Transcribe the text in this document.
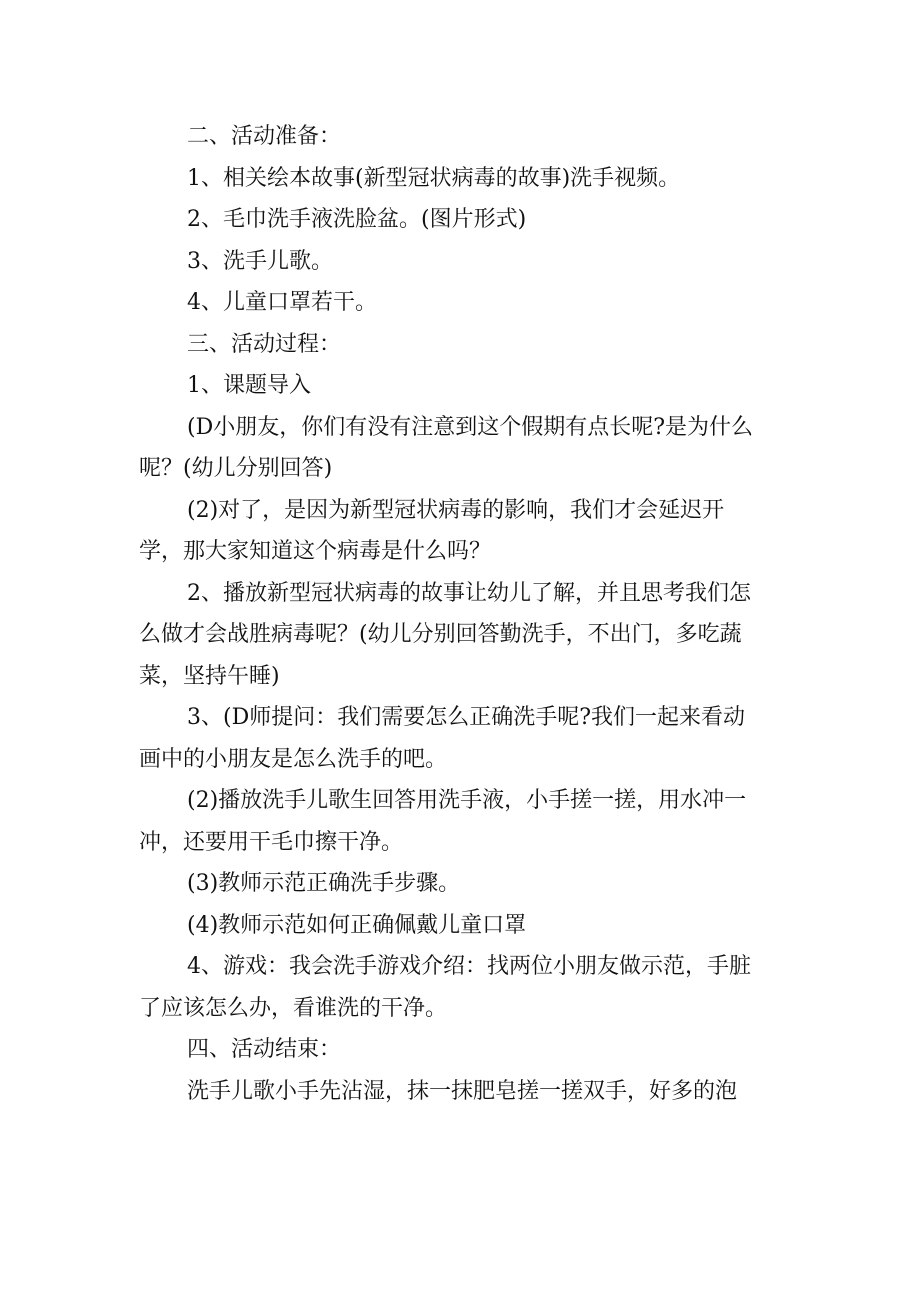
二、活动准备：
1、相关绘本故事(新型冠状病毒的故事)洗手视频。
2、毛巾洗手液洗脸盆。(图片形式)
3、洗手儿歌。
4、儿童口罩若干。
三、活动过程：
1、课题导入
(D小朋友，你们有没有注意到这个假期有点长呢?是为什么
呢？(幼儿分别回答)
(2)对了，是因为新型冠状病毒的影响，我们才会延迟开
学，那大家知道这个病毒是什么吗？
2、播放新型冠状病毒的故事让幼儿了解，并且思考我们怎
么做才会战胜病毒呢？(幼儿分别回答勤洗手，不出门，多吃蔬
菜，坚持午睡)
3、(D师提问：我们需要怎么正确洗手呢?我们一起来看动
画中的小朋友是怎么洗手的吧。
(2)播放洗手儿歌生回答用洗手液，小手搓一搓，用水冲一
冲，还要用干毛巾擦干净。
(3)教师示范正确洗手步骤。
(4)教师示范如何正确佩戴儿童口罩
4、游戏：我会洗手游戏介绍：找两位小朋友做示范，手脏
了应该怎么办，看谁洗的干净。
四、活动结束：
洗手儿歌小手先沾湿，抹一抹肥皂搓一搓双手，好多的泡
